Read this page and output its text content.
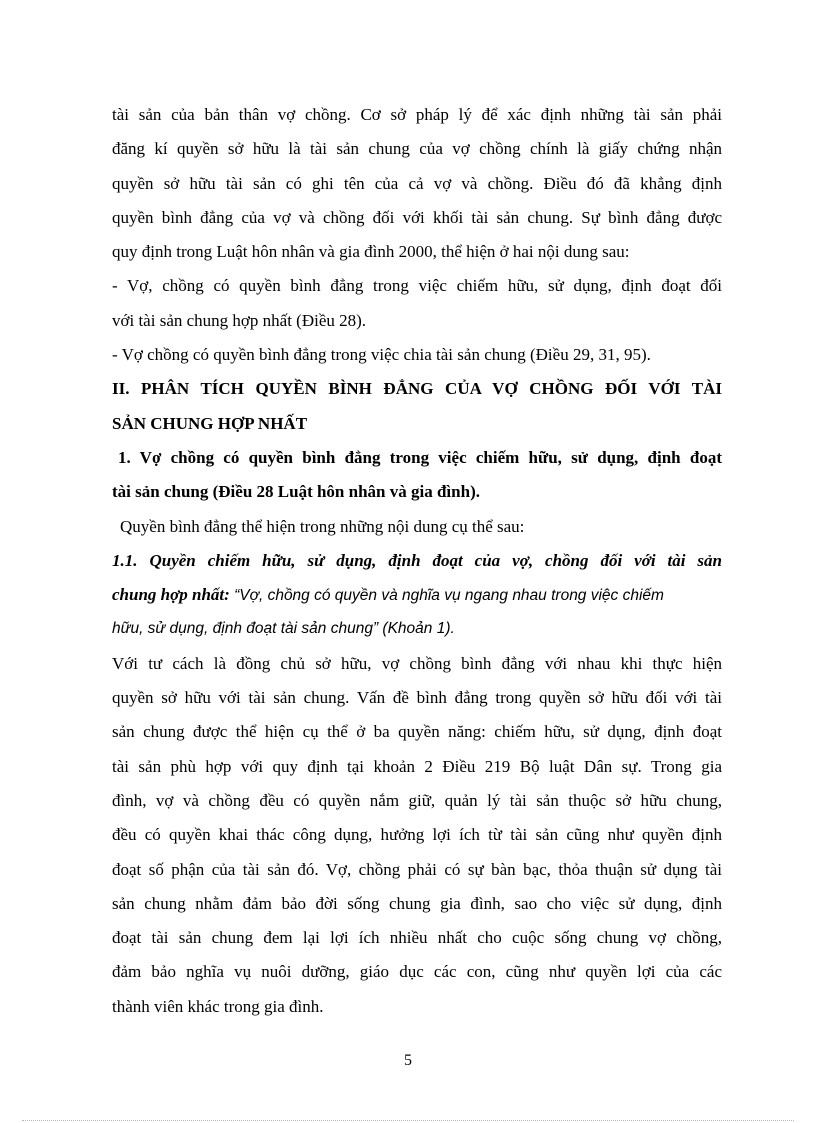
tài sản của bản thân vợ chồng. Cơ sở pháp lý để xác định những tài sản phải
đăng kí quyền sở hữu là tài sản chung của vợ chồng chính là giấy chứng nhận
quyền sở hữu tài sản có ghi tên của cả vợ và chồng. Điều đó đã khẳng định
quyền bình đẳng của vợ và chồng đối với khối tài sản chung. Sự bình đẳng được
quy định trong Luật hôn nhân và gia đình 2000, thể hiện ở hai nội dung sau:
- Vợ, chồng có quyền bình đẳng trong việc chiếm hữu, sử dụng, định đoạt đối
với tài sản chung hợp nhất (Điều 28).
- Vợ chồng có quyền bình đẳng trong việc chia tài sản chung (Điều 29, 31, 95).
II. PHÂN TÍCH QUYỀN BÌNH ĐẲNG CỦA VỢ CHỒNG ĐỐI VỚI TÀI
SẢN CHUNG HỢP NHẤT
1. Vợ chồng có quyền bình đẳng trong việc chiếm hữu, sử dụng, định đoạt
tài sản chung (Điều 28 Luật hôn nhân và gia đình).
Quyền bình đẳng thể hiện trong những nội dung cụ thể sau:
1.1. Quyền chiếm hữu, sử dụng, định đoạt của vợ, chồng đối với tài sản
chung hợp nhất: “Vợ, chồng có quyền và nghĩa vụ ngang nhau trong việc chiếm
hữu, sử dụng, định đoạt tài sản chung” (Khoản 1).
Với tư cách là đồng chủ sở hữu, vợ chồng bình đẳng với nhau khi thực hiện
quyền sở hữu với tài sản chung. Vấn đề bình đẳng trong quyền sở hữu đối với tài
sản chung được thể hiện cụ thể ở ba quyền năng: chiếm hữu, sử dụng, định đoạt
tài sản phù hợp với quy định tại khoản 2 Điều 219 Bộ luật Dân sự. Trong gia
đình, vợ và chồng đều có quyền nắm giữ, quản lý tài sản thuộc sở hữu chung,
đều có quyền khai thác công dụng, hưởng lợi ích từ tài sản cũng như quyền định
đoạt số phận của tài sản đó. Vợ, chồng phải có sự bàn bạc, thỏa thuận sử dụng tài
sản chung nhằm đảm bảo đời sống chung gia đình, sao cho việc sử dụng, định
đoạt tài sản chung đem lại lợi ích nhiều nhất cho cuộc sống chung vợ chồng,
đảm bảo nghĩa vụ nuôi dưỡng, giáo dục các con, cũng như quyền lợi của các
thành viên khác trong gia đình.
5
